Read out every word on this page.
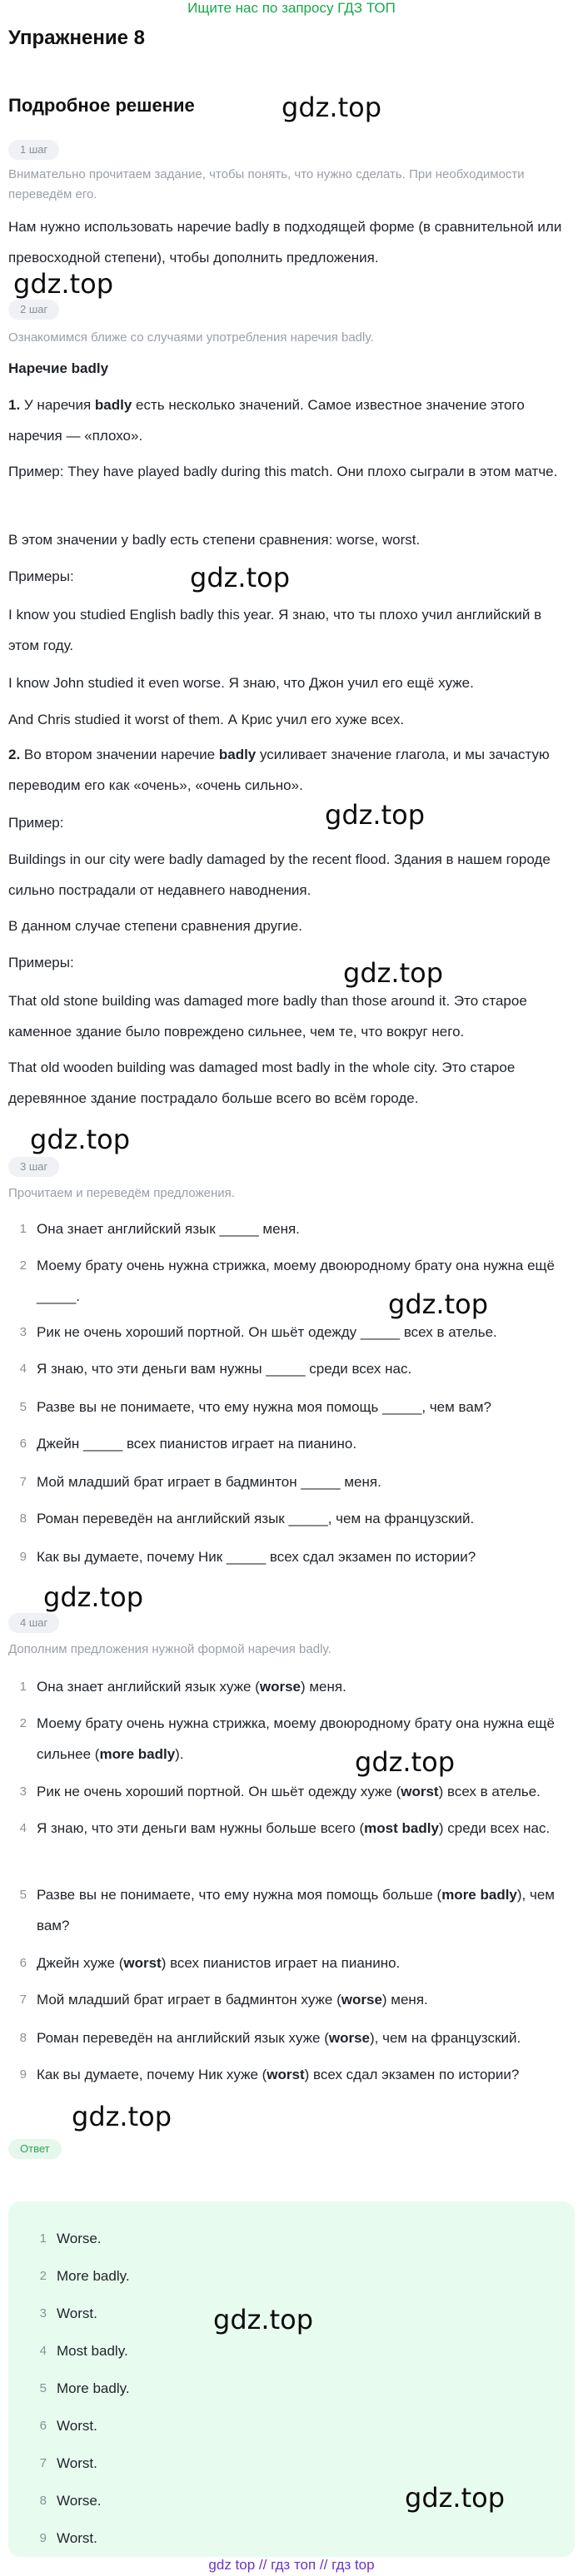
Ищите нас по запросу ГДЗ ТОП
Упражнение 8
Подробное решение	gdz.top
gdz.top
gdz.top
gdz.top
gdz.top
gdz.top
gdz.top
gdz.top
gdz.top
gdz.top
gdz.top
gdz.top
1 шаг
Внимательно прочитаем задание, чтобы понять, что нужно сделать. При необходимости переведём его.
Нам нужно использовать наречие badly в подходящей форме (в сравнительной или превосходной степени), чтобы дополнить предложения.
2 шаг
Ознакомимся ближе со случаями употребления наречия badly.
Наречие badly
1. У наречия badly есть несколько значений. Самое известное значение этого наречия — «плохо».
Пример: They have played badly during this match. Они плохо сыграли в этом матче.
В этом значении у badly есть степени сравнения: worse, worst.
Примеры:
I know you studied English badly this year. Я знаю, что ты плохо учил английский в этом году.
I know John studied it even worse. Я знаю, что Джон учил его ещё хуже.
And Chris studied it worst of them. А Крис учил его хуже всех.
2. Во втором значении наречие badly усиливает значение глагола, и мы зачастую переводим его как «очень», «очень сильно».
Пример:
Buildings in our city were badly damaged by the recent flood. Здания в нашем городе сильно пострадали от недавнего наводнения.
В данном случае степени сравнения другие.
Примеры:
That old stone building was damaged more badly than those around it. Это старое каменное здание было повреждено сильнее, чем те, что вокруг него.
That old wooden building was damaged most badly in the whole city. Это старое деревянное здание пострадало больше всего во всём городе.
3 шаг
Прочитаем и переведём предложения.
1 Она знает английский язык _____ меня.
2 Моему брату очень нужна стрижка, моему двоюродному брату она нужна ещё _____.
3 Рик не очень хороший портной. Он шьёт одежду _____ всех в ателье.
4 Я знаю, что эти деньги вам нужны _____ среди всех нас.
5 Разве вы не понимаете, что ему нужна моя помощь _____, чем вам?
6 Джейн _____ всех пианистов играет на пианино.
7 Мой младший брат играет в бадминтон _____ меня.
8 Роман переведён на английский язык _____, чем на французский.
9 Как вы думаете, почему Ник _____ всех сдал экзамен по истории?
4 шаг
Дополним предложения нужной формой наречия badly.
1 Она знает английский язык хуже (worse) меня.
2 Моему брату очень нужна стрижка, моему двоюродному брату она нужна ещё сильнее (more badly).
3 Рик не очень хороший портной. Он шьёт одежду хуже (worst) всех в ателье.
4 Я знаю, что эти деньги вам нужны больше всего (most badly) среди всех нас.
5 Разве вы не понимаете, что ему нужна моя помощь больше (more badly), чем вам?
6 Джейн хуже (worst) всех пианистов играет на пианино.
7 Мой младший брат играет в бадминтон хуже (worse) меня.
8 Роман переведён на английский язык хуже (worse), чем на французский.
9 Как вы думаете, почему Ник хуже (worst) всех сдал экзамен по истории?
Ответ
1 Worse.
2 More badly.
3 Worst.
4 Most badly.
5 More badly.
6 Worst.
7 Worst.
8 Worse.
9 Worst.
gdz top // гдз топ // гдз top
